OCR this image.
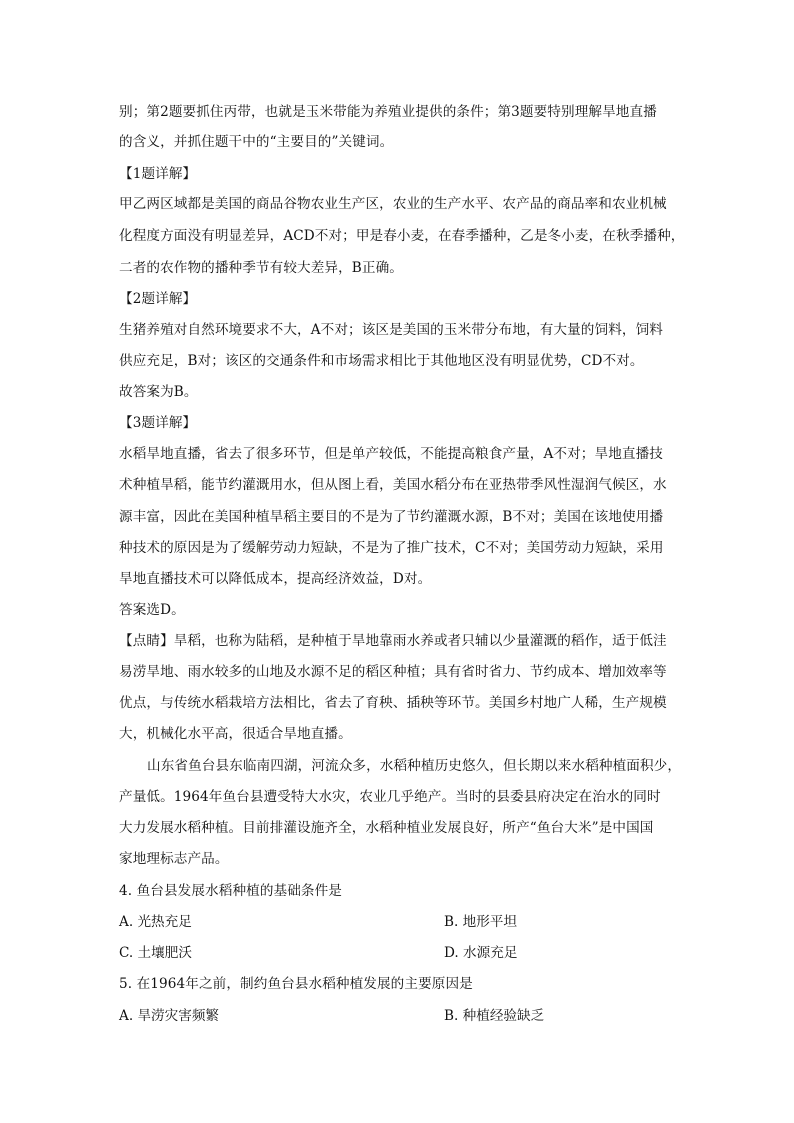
别；第2题要抓住丙带，也就是玉米带能为养殖业提供的条件；第3题要特别理解旱地直播
的含义，并抓住题干中的“主要目的”关键词。
【1题详解】
甲乙两区域都是美国的商品谷物农业生产区，农业的生产水平、农产品的商品率和农业机械
化程度方面没有明显差异，ACD不对；甲是春小麦，在春季播种，乙是冬小麦，在秋季播种，
二者的农作物的播种季节有较大差异，B正确。
【2题详解】
生猪养殖对自然环境要求不大，A不对；该区是美国的玉米带分布地，有大量的饲料，饲料
供应充足，B对；该区的交通条件和市场需求相比于其他地区没有明显优势，CD不对。
故答案为B。
【3题详解】
水稻旱地直播，省去了很多环节，但是单产较低，不能提高粮食产量，A不对；旱地直播技
术种植旱稻，能节约灌溉用水，但从图上看，美国水稻分布在亚热带季风性湿润气候区，水
源丰富，因此在美国种植旱稻主要目的不是为了节约灌溉水源，B不对；美国在该地使用播
种技术的原因是为了缓解劳动力短缺，不是为了推广技术，C不对；美国劳动力短缺，采用
旱地直播技术可以降低成本，提高经济效益，D对。
答案选D。
【点睛】旱稻，也称为陆稻，是种植于旱地靠雨水养或者只辅以少量灌溉的稻作，适于低洼
易涝旱地、雨水较多的山地及水源不足的稻区种植；具有省时省力、节约成本、增加效率等
优点，与传统水稻栽培方法相比，省去了育秧、插秧等环节。美国乡村地广人稀，生产规模
大，机械化水平高，很适合旱地直播。
山东省鱼台县东临南四湖，河流众多，水稻种植历史悠久，但长期以来水稻种植面积少，
产量低。1964年鱼台县遭受特大水灾，农业几乎绝产。当时的县委县府决定在治水的同时
大力发展水稻种植。目前排灌设施齐全，水稻种植业发展良好，所产“鱼台大米”是中国国
家地理标志产品。
4. 鱼台县发展水稻种植的基础条件是
A. 光热充足	B. 地形平坦
C. 土壤肥沃	D. 水源充足
5. 在1964年之前，制约鱼台县水稻种植发展的主要原因是
A. 旱涝灾害频繁	B. 种植经验缺乏
